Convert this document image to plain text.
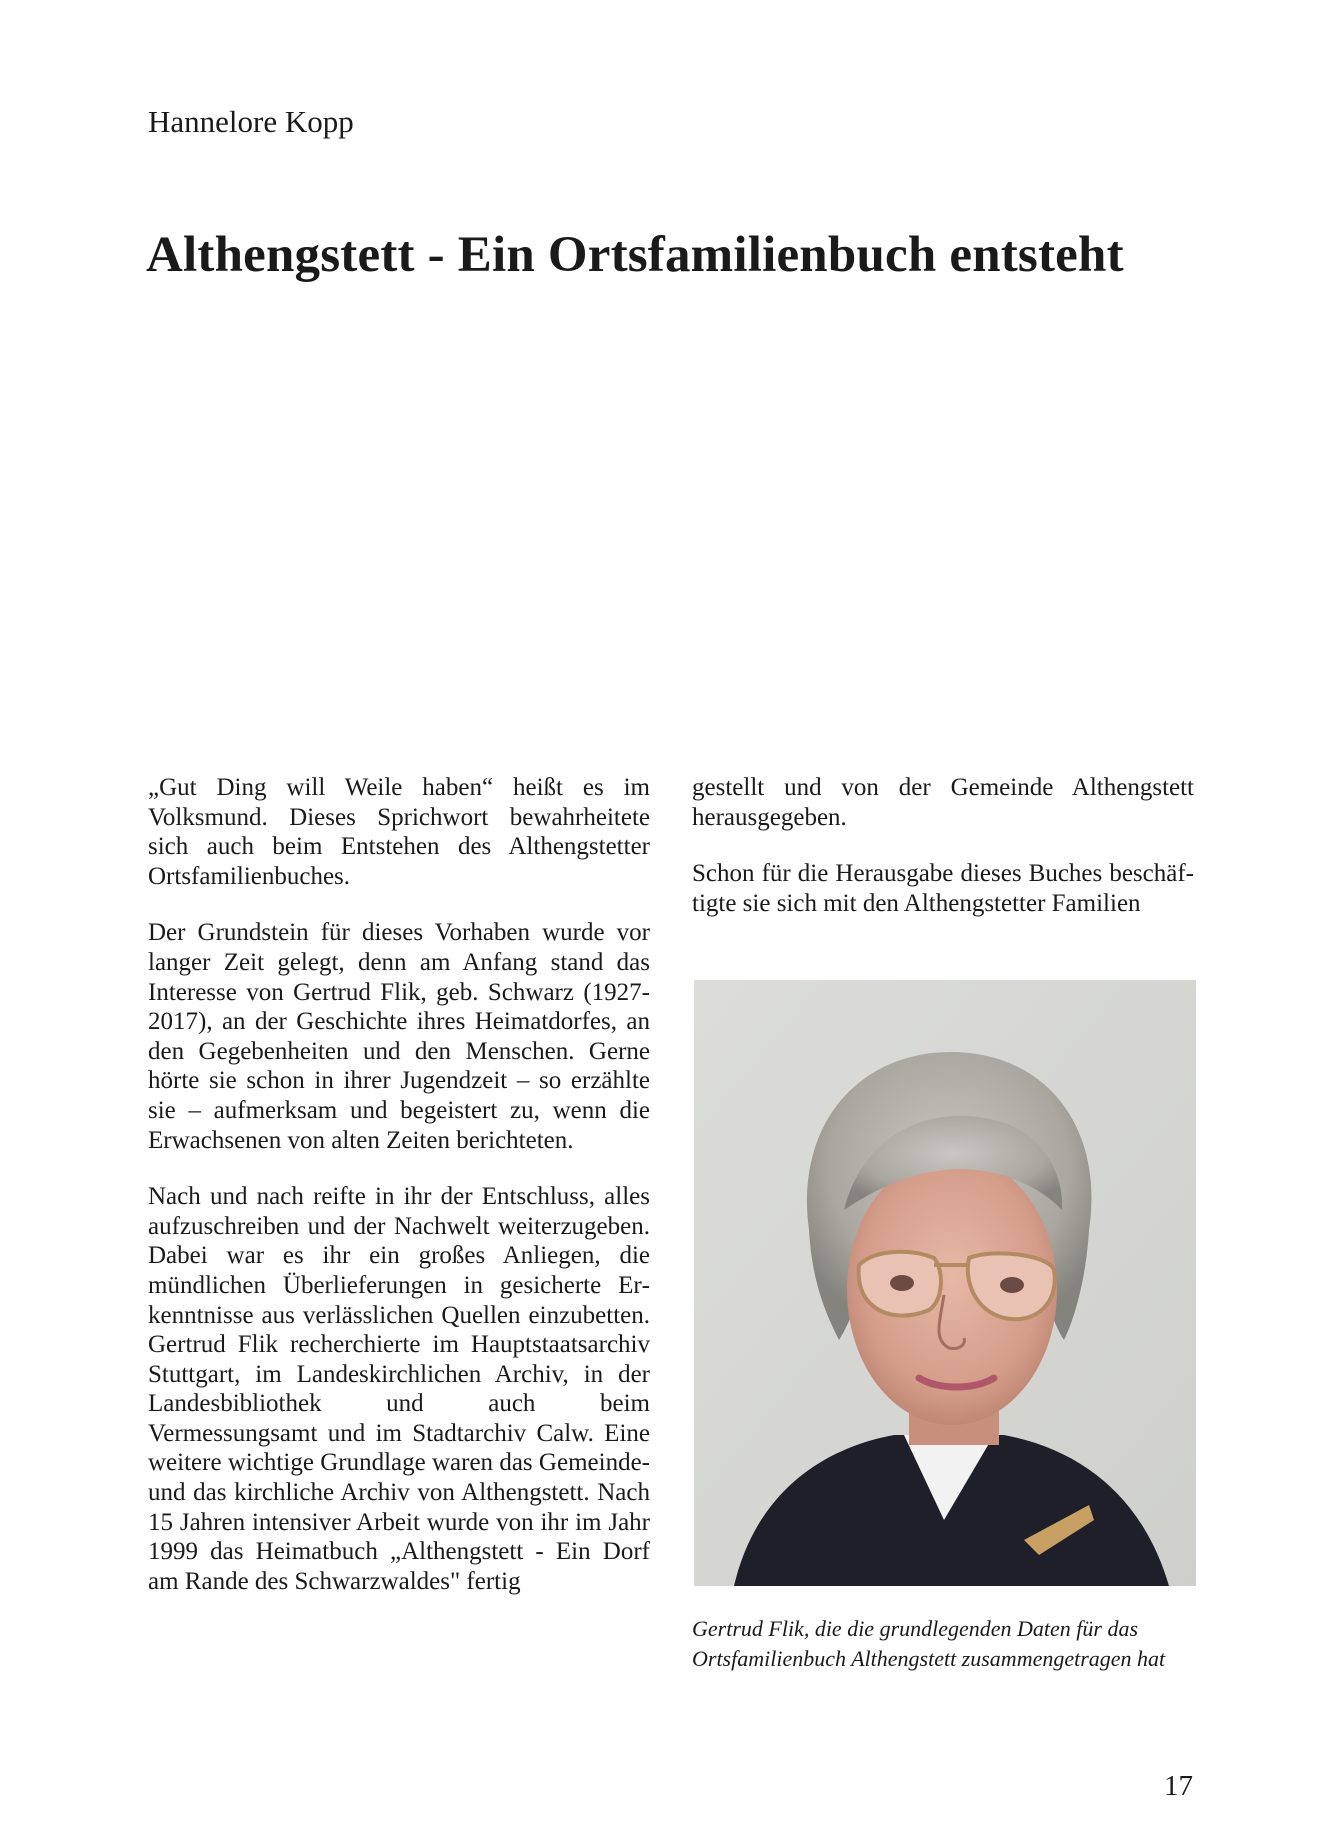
Hannelore Kopp
Althengstett - Ein Ortsfamilienbuch entsteht

„Gut Ding will Weile haben“ heißt es im Volksmund. Dieses Sprichwort bewahrheitete sich auch beim Entstehen des Althengstetter Ortsfamilienbuches.

Der Grundstein für dieses Vorhaben wurde vor langer Zeit gelegt, denn am Anfang stand das Interesse von Gertrud Flik, geb. Schwarz (1927-2017), an der Geschichte ihres Heimatdorfes, an den Gegebenheiten und den Menschen. Gerne hörte sie schon in ihrer Jugendzeit – so erzählte sie – aufmerksam und begeistert zu, wenn die Erwachsenen von alten Zeiten berichteten.

Nach und nach reifte in ihr der Entschluss, alles aufzuschreiben und der Nachwelt weiterzugeben. Dabei war es ihr ein großes Anliegen, die mündlichen Überlieferungen in gesicherte Erkenntnisse aus verlässlichen Quellen einzubetten. Gertrud Flik recherchierte im Hauptstaatsarchiv Stuttgart, im Landeskirchlichen Archiv, in der Landesbibliothek und auch beim Vermessungsamt und im Stadtarchiv Calw. Eine weitere wichtige Grundlage waren das Gemeinde- und das kirchliche Archiv von Althengstett. Nach 15 Jahren intensiver Arbeit wurde von ihr im Jahr 1999 das Heimatbuch „Althengstett - Ein Dorf am Rande des Schwarzwaldes" fertig

gestellt und von der Gemeinde Althengstett herausgegeben.

Schon für die Herausgabe dieses Buches beschäftigte sie sich mit den Althengstetter Familien

Gertrud Flik, die die grundlegenden Daten für das Ortsfamilienbuch Althengstett zusammengetragen hat

17
